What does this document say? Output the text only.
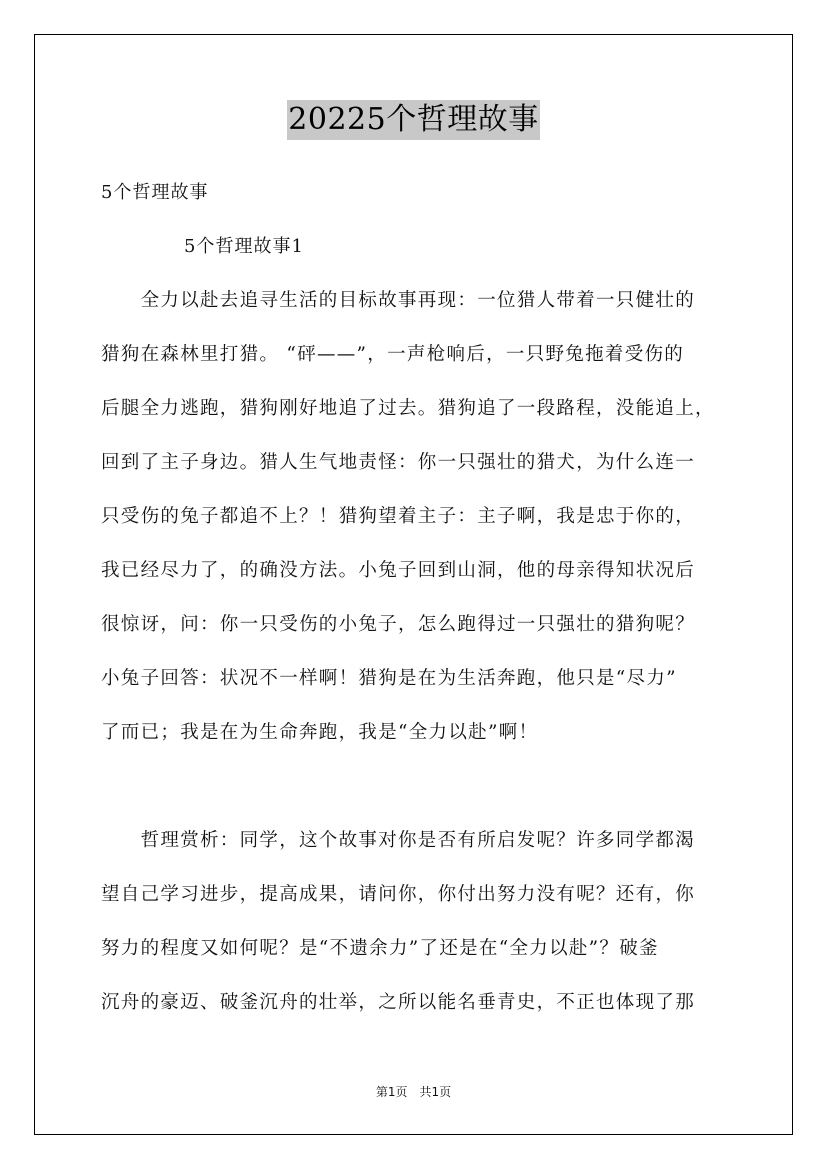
20225个哲理故事
5个哲理故事
5个哲理故事1
　　全力以赴去追寻生活的目标故事再现：一位猎人带着一只健壮的
猎狗在森林里打猎。 “砰——”，一声枪响后，一只野兔拖着受伤的
后腿全力逃跑，猎狗刚好地追了过去。猎狗追了一段路程，没能追上，
回到了主子身边。猎人生气地责怪：你一只强壮的猎犬，为什么连一
只受伤的兔子都追不上？！猎狗望着主子：主子啊，我是忠于你的，
我已经尽力了，的确没方法。小兔子回到山洞，他的母亲得知状况后
很惊讶，问：你一只受伤的小兔子，怎么跑得过一只强壮的猎狗呢？
小兔子回答：状况不一样啊！猎狗是在为生活奔跑，他只是“尽力”
了而已；我是在为生命奔跑，我是“全力以赴”啊！
　　哲理赏析：同学，这个故事对你是否有所启发呢？许多同学都渴
望自己学习进步，提高成果，请问你，你付出努力没有呢？还有，你
努力的程度又如何呢？是“不遗余力”了还是在“全力以赴”？破釜
沉舟的豪迈、破釜沉舟的壮举，之所以能名垂青史，不正也体现了那
第1页　共1页
